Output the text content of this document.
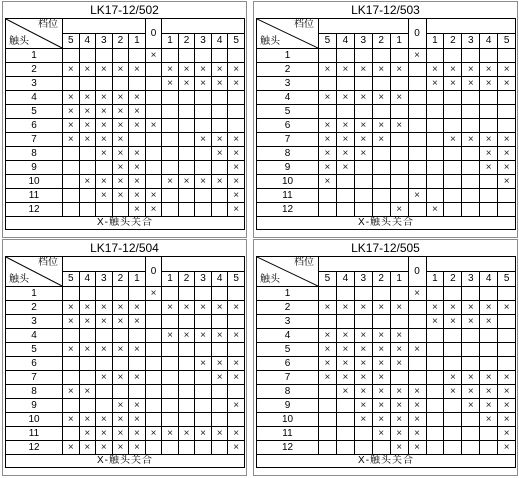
LK17-12/502
档位
触头						0					
	5	4	3	2	1		1	2	3	4	5
1						×					
2	×	×	×	×	×		×	×	×	×	×
3							×	×	×	×	×
4	×	×	×	×	×						
5	×	×	×	×	×						
6	×	×	×	×	×	×					
7	×	×	×	×					×	×	×
8			×	×	×					×	×
9				×	×						×
10		×	×	×	×		×	×	×	×	×
11			×	×	×	×					×
12					×	×					×
X-触头关合											
LK17-12/503
档位
触头						0					
	5	4	3	2	1		1	2	3	4	5
1						×					
2	×	×	×	×	×		×	×	×	×	×
3							×	×	×	×	×
4	×	×	×	×	×						
5											
6	×	×	×	×	×						
7	×	×	×	×				×	×	×	×
8	×	×	×							×	×
9	×	×								×	×
10	×										×
11						×					
12					×		×				
X-触头关合											
LK17-12/504
档位
触头						0					
	5	4	3	2	1		1	2	3	4	5
1						×					
2	×	×	×	×	×		×	×	×	×	×
3	×	×	×	×	×						
4							×	×	×	×	×
5	×	×	×	×	×						
6									×	×	×
7			×	×	×					×	×
8	×	×									
9				×	×						×
10	×	×	×	×	×						
11		×	×	×	×	×	×	×	×	×	×
12	×	×	×	×	×						×
X-触头关合											
LK17-12/505
档位
触头						0					
	5	4	3	2	1		1	2	3	4	5
1						×					
2	×	×	×	×	×		×	×	×	×	×
3							×	×	×	×	
4	×	×	×	×	×						
5	×	×	×	×	×	×					
6	×	×	×	×	×						
7	×	×	×	×				×	×	×	×
8		×	×	×	×	×		×	×	×	×
9			×	×	×	×			×	×	×
10			×	×	×	×				×	×
11				×	×	×					×
12					×	×					×
X-触头关合											
